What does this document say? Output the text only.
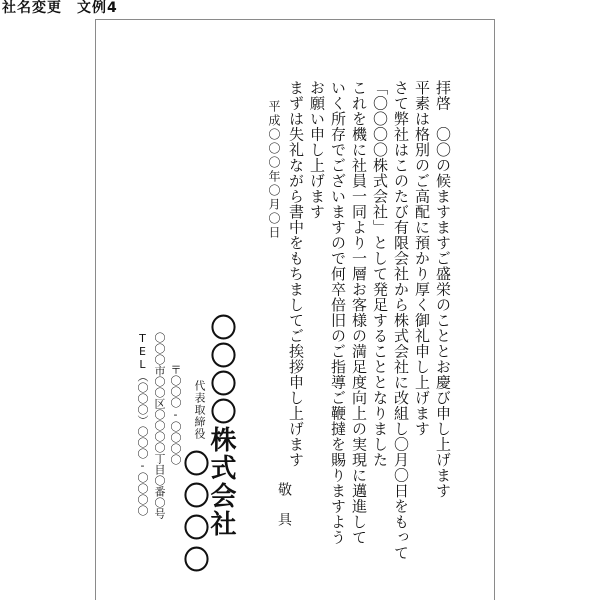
社名変更　文例4
拝啓　〇〇の候ますますご盛栄のこととお慶び申し上げます
平素は格別のご高配に預かり厚く御礼申し上げます
さて弊社はこのたび有限会社から株式会社に改組し〇月〇日をもって
「〇〇〇〇株式会社」として発足することとなりました
これを機に社員一同より一層お客様の満足度向上の実現に邁進して
いく所存でございますので何卒倍旧のご指導ご鞭撻を賜りますよう
お願い申し上げます
まずは失礼ながら書中をもちましてご挨拶申し上げます
平成〇〇〇年〇月〇日
敬具
〇〇〇〇株式会社
代表取締役
〇〇〇〇
〒〇〇〇‐〇〇〇〇
〇〇〇市〇〇区〇〇〇〇丁目〇番〇号
TEL（〇〇〇）〇〇〇‐〇〇〇〇
